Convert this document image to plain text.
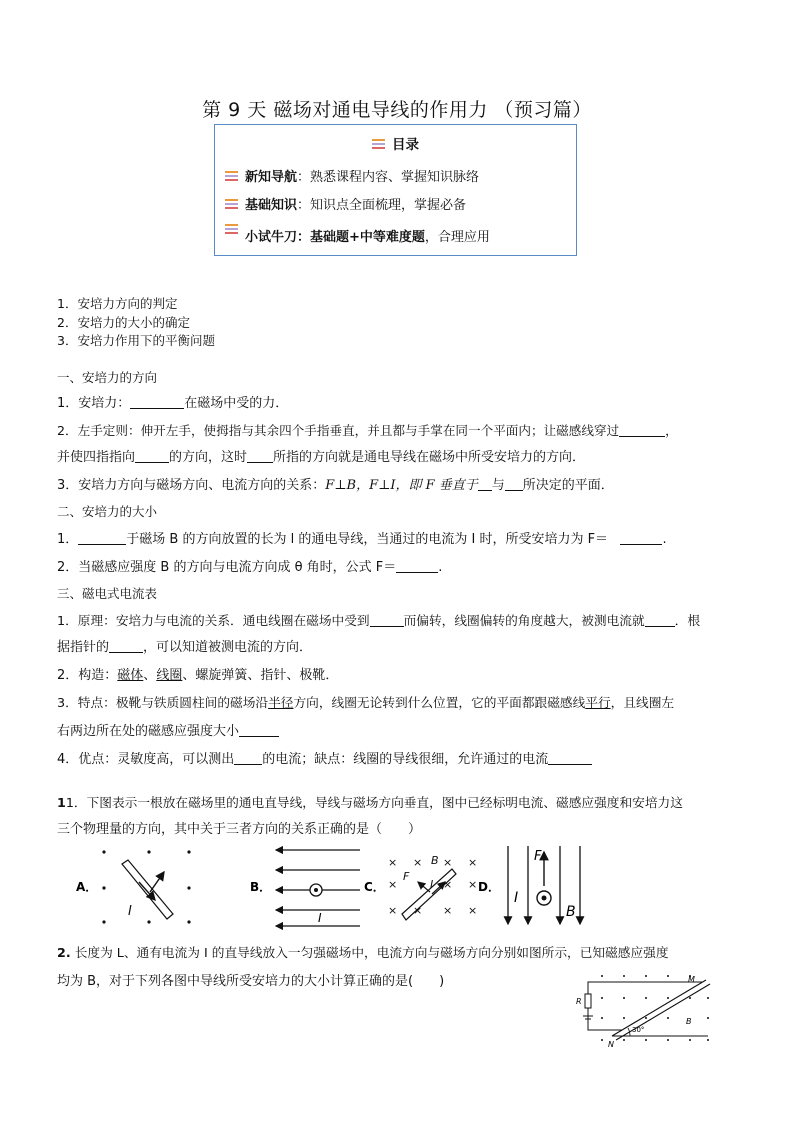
第 9 天 磁场对通电导线的作用力 （预习篇）
目录
新知导航：熟悉课程内容、掌握知识脉络
基础知识：知识点全面梳理，掌握必备
小试牛刀：基础题+中等难度题，合理应用
1．安培力方向的判定
2．安培力的大小的确定
3．安培力作用下的平衡问题
一、安培力的方向
1．安培力：	在磁场中受的力．
2．左手定则：伸开左手，使拇指与其余四个手指垂直，并且都与手掌在同一个平面内；让磁感线穿过	，
并使四指指向	的方向，这时 所指的方向就是通电导线在磁场中所受安培力的方向．
3．安培力方向与磁场方向、电流方向的关系：F⊥B，F⊥I，即 F 垂直于 与 所决定的平面．
二、安培力的大小
1．	于磁场 B 的方向放置的长为 l 的通电导线，当通过的电流为 I 时，所受安培力为 F＝	.
2．当磁感应强度 B 的方向与电流方向成 θ 角时，公式 F＝	.
三、磁电式电流表
1．原理：安培力与电流的关系．通电线圈在磁场中受到	而偏转，线圈偏转的角度越大，被测电流就 ．根
据指针的	，可以知道被测电流的方向．
2．构造：磁体、线圈、螺旋弹簧、指针、极靴．
3．特点：极靴与铁质圆柱间的磁场沿半径方向，线圈无论转到什么位置，它的平面都跟磁感线平行，且线圈左
右两边所在处的磁感应强度大小
4．优点：灵敏度高，可以测出 的电流；缺点：线圈的导线很细，允许通过的电流
11．下图表示一根放在磁场里的通电直导线，导线与磁场方向垂直，图中已经标明电流、磁感应强度和安培力这
三个物理量的方向，其中关于三者方向的关系正确的是（　　）
A．
I
B．
I
C．
× × × ×
×	× ×
× × × ×
F
B
I	D．
F
I
B
2. 长度为 L、通有电流为 I 的直导线放入一匀强磁场中，电流方向与磁场方向分别如图所示，已知磁感应强度
均为 B，对于下列各图中导线所受安培力的大小计算正确的是(　　)
R
M
N
B
30°
